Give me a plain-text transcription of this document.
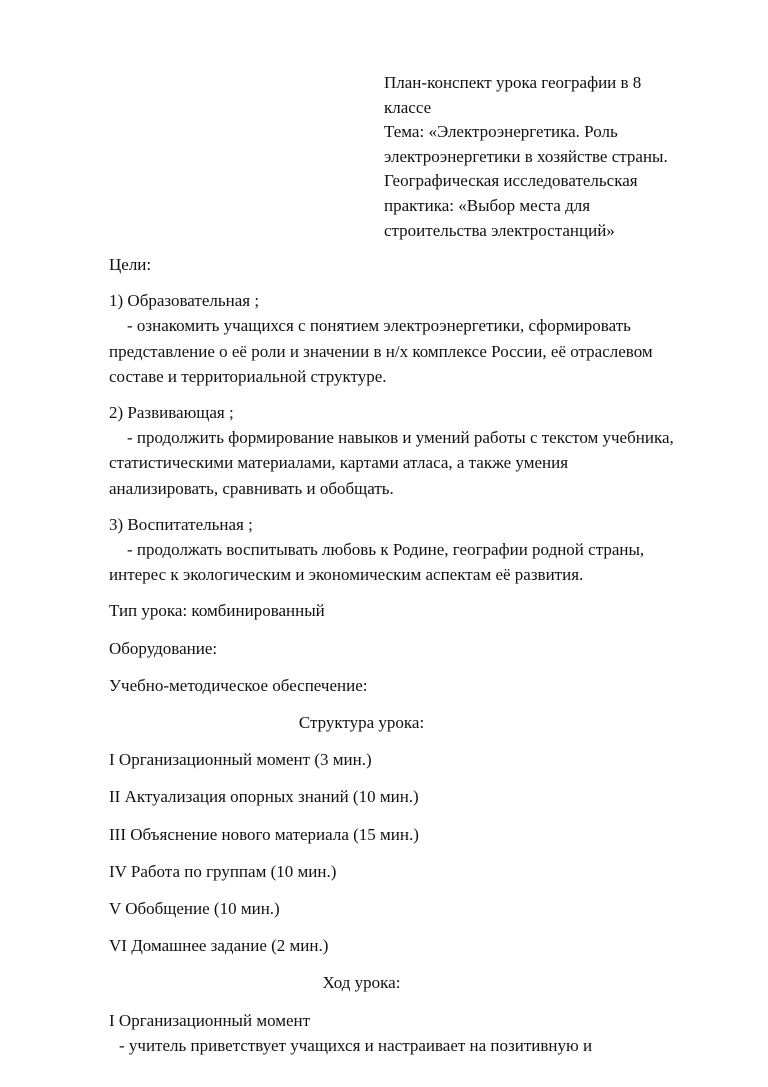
План-конспект урока географии в 8
классе
Тема: «Электроэнергетика. Роль
электроэнергетики в хозяйстве страны.
Географическая исследовательская
практика: «Выбор места для
строительства электростанций»
Цели:
1) Образовательная ;
- ознакомить учащихся с понятием электроэнергетики, сформировать
представление о её роли и значении в н/х комплексе России, её отраслевом
составе и территориальной структуре.
2) Развивающая ;
- продолжить формирование навыков и умений работы с текстом учебника,
статистическими материалами, картами атласа, а также умения
анализировать, сравнивать и обобщать.
3) Воспитательная ;
- продолжать воспитывать любовь к Родине, географии родной страны,
интерес к экологическим и экономическим аспектам её развития.
Тип урока: комбинированный
Оборудование:
Учебно-методическое обеспечение:
Структура урока:
I Организационный момент (3 мин.)
II Актуализация опорных знаний (10 мин.)
III Объяснение нового материала (15 мин.)
IV Работа по группам (10 мин.)
V Обобщение (10 мин.)
VI Домашнее задание (2 мин.)
Ход урока:
I Организационный момент
- учитель приветствует учащихся и настраивает на позитивную и
